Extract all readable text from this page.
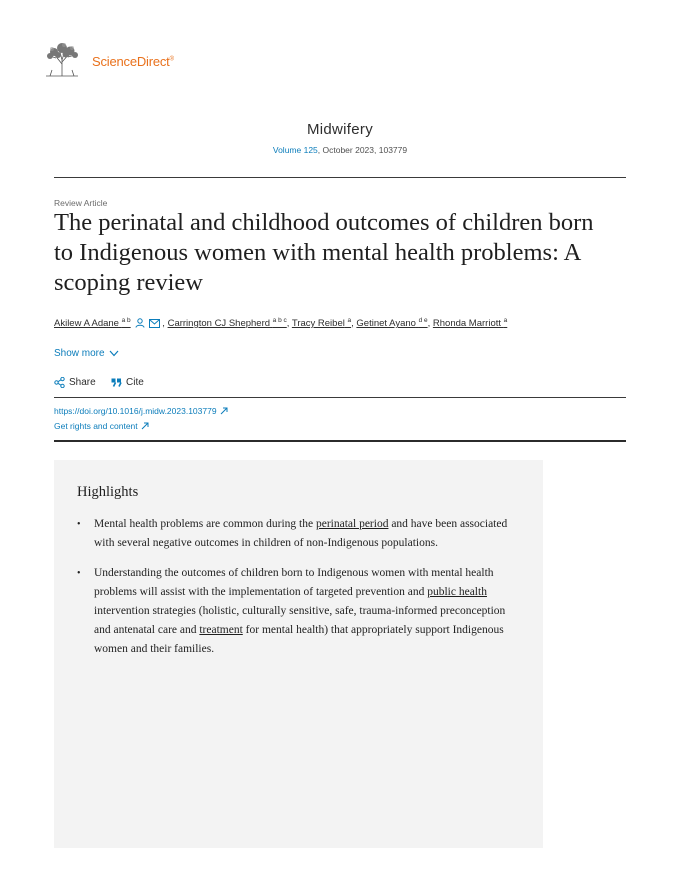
ScienceDirect®
Midwifery
Volume 125, October 2023, 103779
Review Article
The perinatal and childhood outcomes of children born to Indigenous women with mental health problems: A scoping review
Akilew A Adane $^{a b}$	, Carrington CJ Shepherd $^{a b c}$, Tracy Reibel $^a$, Getinet Ayano $^{d e}$, Rhonda Marriott $^a$
Show more
Share	Cite
https://doi.org/10.1016/j.midw.2023.103779
Get rights and content
Highlights
• Mental health problems are common during the perinatal period and have been associated with several negative outcomes in children of non-Indigenous populations.
• Understanding the outcomes of children born to Indigenous women with mental health problems will assist with the implementation of targeted prevention and public health intervention strategies (holistic, culturally sensitive, safe, trauma-informed preconception and antenatal care and treatment for mental health) that appropriately support Indigenous women and their families.
